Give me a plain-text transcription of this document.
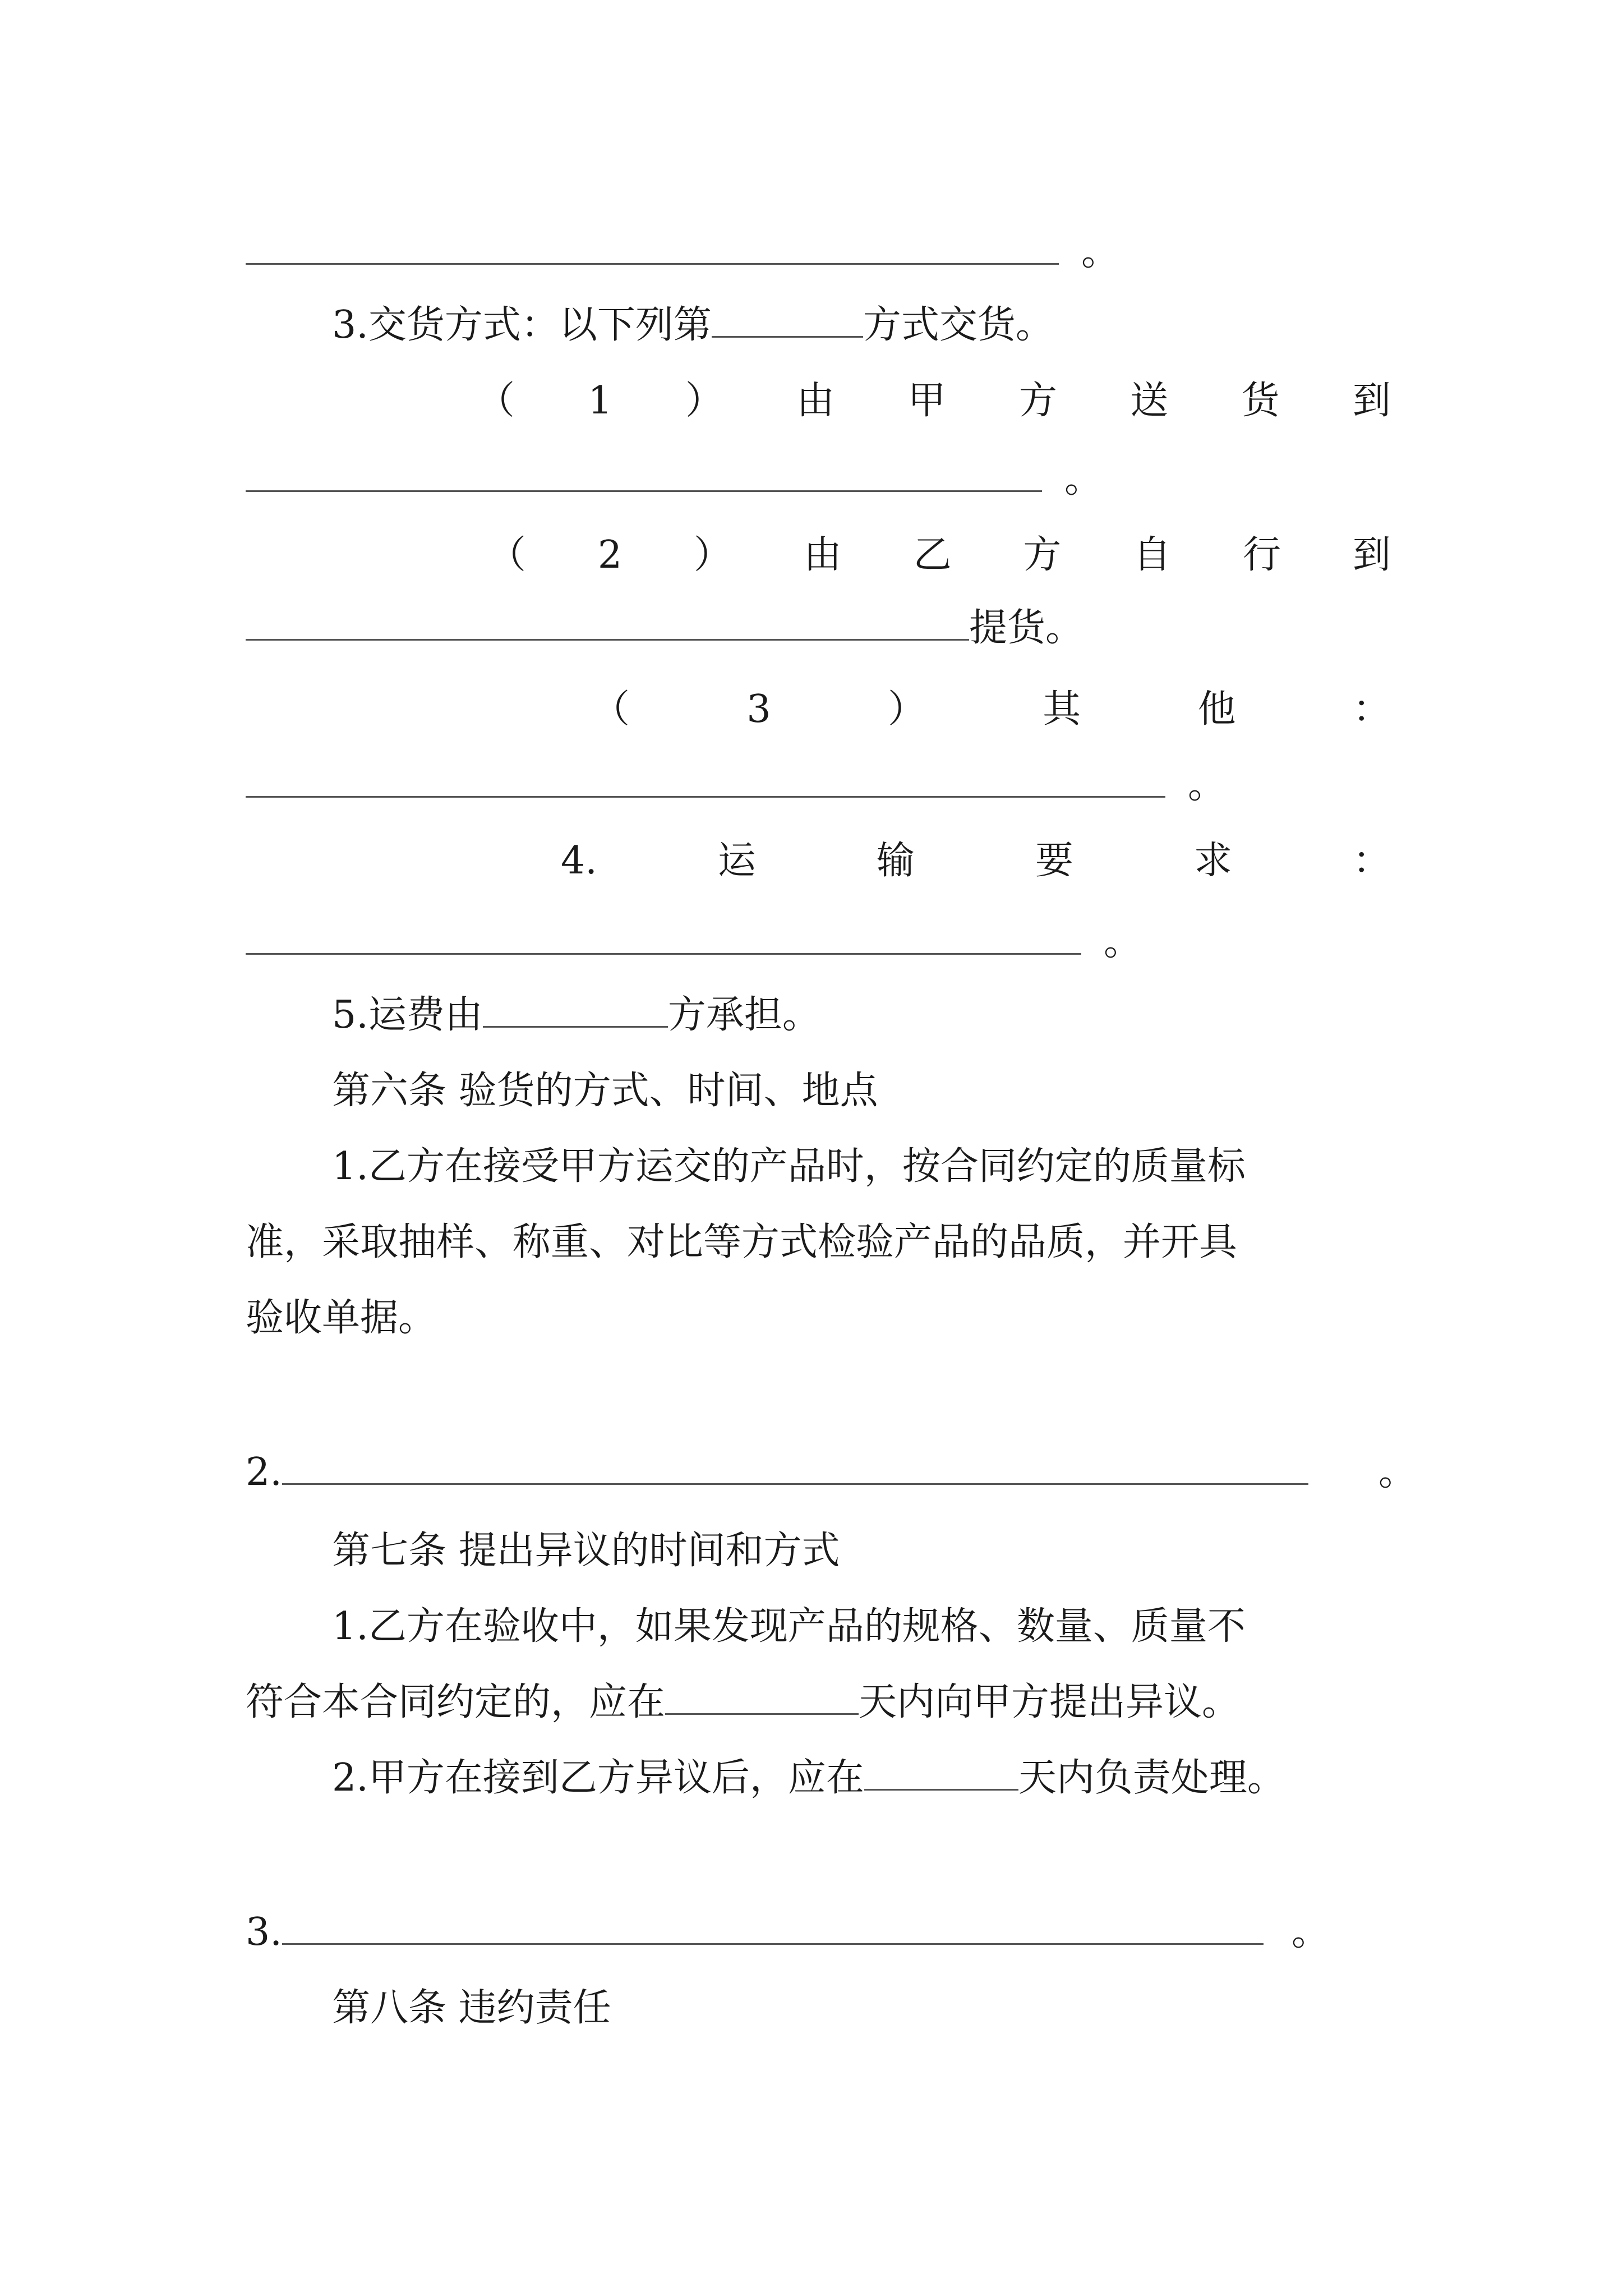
。
3.交货方式：以下列第	方式交货。
（ 1 ） 由 甲 方 送 货 到
。
（ 2 ） 由 乙 方 自 行 到
提货。
（	3	）	其	他	：
。
4.	运	输	要	求	：
。
5.运费由	方承担。
第六条 验货的方式、时间、地点
1.乙方在接受甲方运交的产品时，按合同约定的质量标
准，采取抽样、称重、对比等方式检验产品的品质，并开具
验收单据。
2.	。
第七条 提出异议的时间和方式
1.乙方在验收中，如果发现产品的规格、数量、质量不
符合本合同约定的，应在	天内向甲方提出异议。
2.甲方在接到乙方异议后，应在	天内负责处理。
3.	。
第八条 违约责任
